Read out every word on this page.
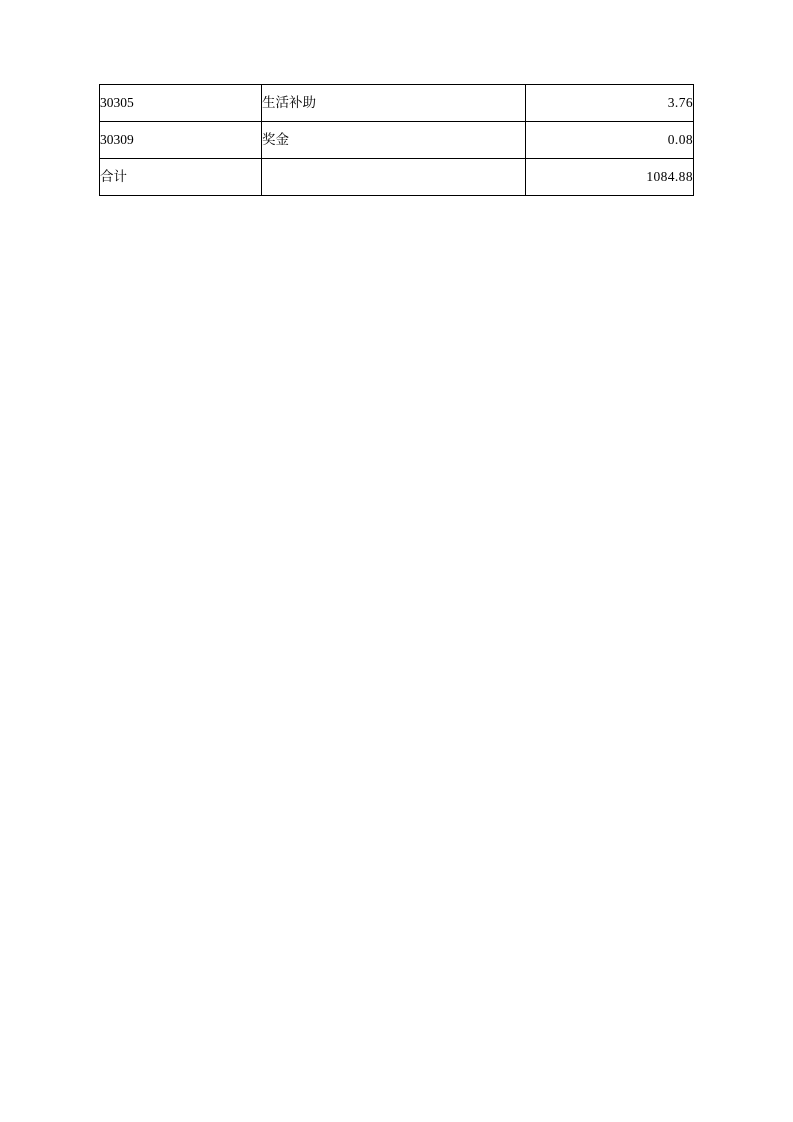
30305	生活补助	3.76
30309	奖金	0.08
合计		1084.88
